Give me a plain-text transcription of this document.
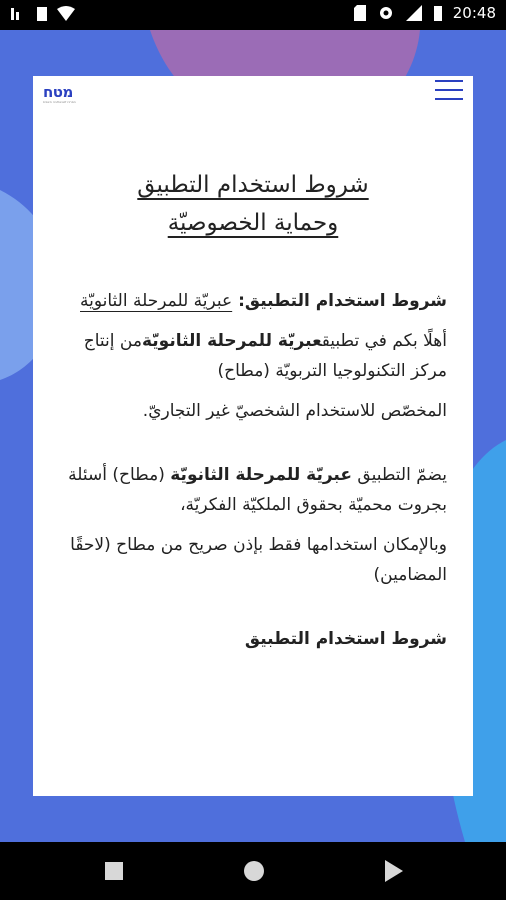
20:48
מטח
המרכז לטכנולוגיה חינוכית
شروط استخدام التطبيق
وحماية الخصوصيّة

شروط استخدام التطبيق: عبريّة للمرحلة الثانويّة

أهلًا بكم في تطبيقعبريّة للمرحلة الثانويّةمن إنتاج مركز التكنولوجيا التربويّة (مطاح)

المخصّص للاستخدام الشخصيّ غير التجاريّ.

يضمّ التطبيق عبريّة للمرحلة الثانويّة (مطاح) أسئلة بجروت محميّة بحقوق الملكيّة الفكريّة،

وبالإمكان استخدامها فقط بإذن صريح من مطاح (لاحقًا المضامين)

شروط استخدام التطبيق
